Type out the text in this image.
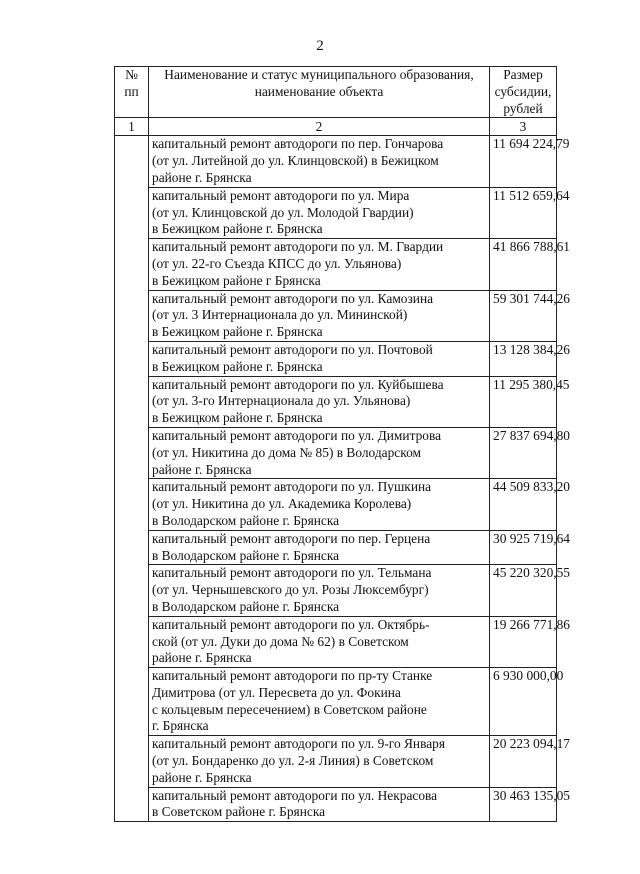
2
№
пп	Наименование и статус муниципального образования, наименование объекта	Размер субсидии, рублей
1	2	3
	капитальный ремонт автодороги по пер. Гончарова
(от ул. Литейной до ул. Клинцовской) в Бежицком
районе г. Брянска	11 694 224,79
	капитальный ремонт автодороги по ул. Мира
(от ул. Клинцовской до ул. Молодой Гвардии)
в Бежицком районе г. Брянска	11 512 659,64
	капитальный ремонт автодороги по ул. М. Гвардии
(от ул. 22-го Съезда КПСС до ул. Ульянова)
в Бежицком районе г Брянска	41 866 788,61
	капитальный ремонт автодороги по ул. Камозина
(от ул. 3 Интернационала до ул. Мининской)
в Бежицком районе г. Брянска	59 301 744,26
	капитальный ремонт автодороги по ул. Почтовой
в Бежицком районе г. Брянска	13 128 384,26
	капитальный ремонт автодороги по ул. Куйбышева
(от ул. 3-го Интернационала до ул. Ульянова)
в Бежицком районе г. Брянска	11 295 380,45
	капитальный ремонт автодороги по ул. Димитрова
(от ул. Никитина до дома № 85) в Володарском
районе г. Брянска	27 837 694,80
	капитальный ремонт автодороги по ул. Пушкина
(от ул. Никитина до ул. Академика Королева)
в Володарском районе г. Брянска	44 509 833,20
	капитальный ремонт автодороги по пер. Герцена
в Володарском районе г. Брянска	30 925 719,64
	капитальный ремонт автодороги по ул. Тельмана
(от ул. Чернышевского до ул. Розы Люксембург)
в Володарском районе г. Брянска	45 220 320,55
	капитальный ремонт автодороги по ул. Октябрь-
ской (от ул. Дуки до дома № 62) в Советском
районе г. Брянска	19 266 771,86
	капитальный ремонт автодороги по пр-ту Станке
Димитрова (от ул. Пересвета до ул. Фокина
с кольцевым пересечением) в Советском районе
г. Брянска	6 930 000,00
	капитальный ремонт автодороги по ул. 9-го Января
(от ул. Бондаренко до ул. 2-я Линия) в Советском
районе г. Брянска	20 223 094,17
	капитальный ремонт автодороги по ул. Некрасова
в Советском районе г. Брянска	30 463 135,05
